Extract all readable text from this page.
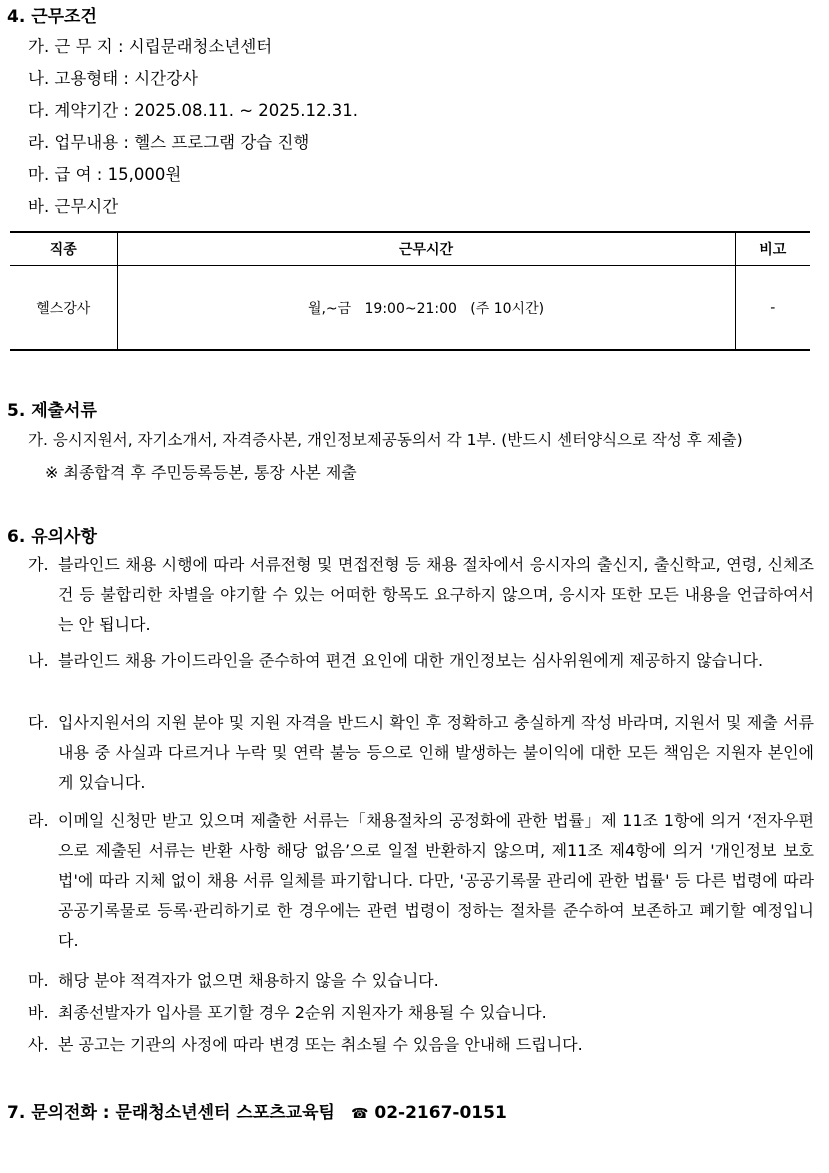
4. 근무조건
가. 근 무 지 : 시립문래청소년센터
나. 고용형태 : 시간강사
다. 계약기간 : 2025.08.11. ~ 2025.12.31.
라. 업무내용 : 헬스 프로그램 강습 진행
마. 급 여 : 15,000원
바. 근무시간
직종	근무시간	비고
헬스강사	월,~금   19:00~21:00   (주 10시간)	-
5. 제출서류
가. 응시지원서, 자기소개서, 자격증사본, 개인정보제공동의서 각 1부. (반드시 센터양식으로 작성 후 제출)
※ 최종합격 후 주민등록등본, 통장 사본 제출
6. 유의사항
가. 블라인드 채용 시행에 따라 서류전형 및 면접전형 등 채용 절차에서 응시자의 출신지, 출신학교, 연령, 신체조건 등 불합리한 차별을 야기할 수 있는 어떠한 항목도 요구하지 않으며, 응시자 또한 모든 내용을 언급하여서는 안 됩니다.
나. 블라인드 채용 가이드라인을 준수하여 편견 요인에 대한 개인정보는 심사위원에게 제공하지 않습니다.
다. 입사지원서의 지원 분야 및 지원 자격을 반드시 확인 후 정확하고 충실하게 작성 바라며, 지원서 및 제출 서류 내용 중 사실과 다르거나 누락 및 연락 불능 등으로 인해 발생하는 불이익에 대한 모든 책임은 지원자 본인에게 있습니다.
라. 이메일 신청만 받고 있으며 제출한 서류는「채용절차의 공정화에 관한 법률」제 11조 1항에 의거 ‘전자우편으로 제출된 서류는 반환 사항 해당 없음’으로 일절 반환하지 않으며, 제11조 제4항에 의거 '개인정보 보호법'에 따라 지체 없이 채용 서류 일체를 파기합니다. 다만, '공공기록물 관리에 관한 법률' 등 다른 법령에 따라 공공기록물로 등록·관리하기로 한 경우에는 관련 법령이 정하는 절차를 준수하여 보존하고 폐기할 예정입니다.
마. 해당 분야 적격자가 없으면 채용하지 않을 수 있습니다.
바. 최종선발자가 입사를 포기할 경우 2순위 지원자가 채용될 수 있습니다.
사. 본 공고는 기관의 사정에 따라 변경 또는 취소될 수 있음을 안내해 드립니다.
7. 문의전화 : 문래청소년센터 스포츠교육팀 ☎ 02-2167-0151
